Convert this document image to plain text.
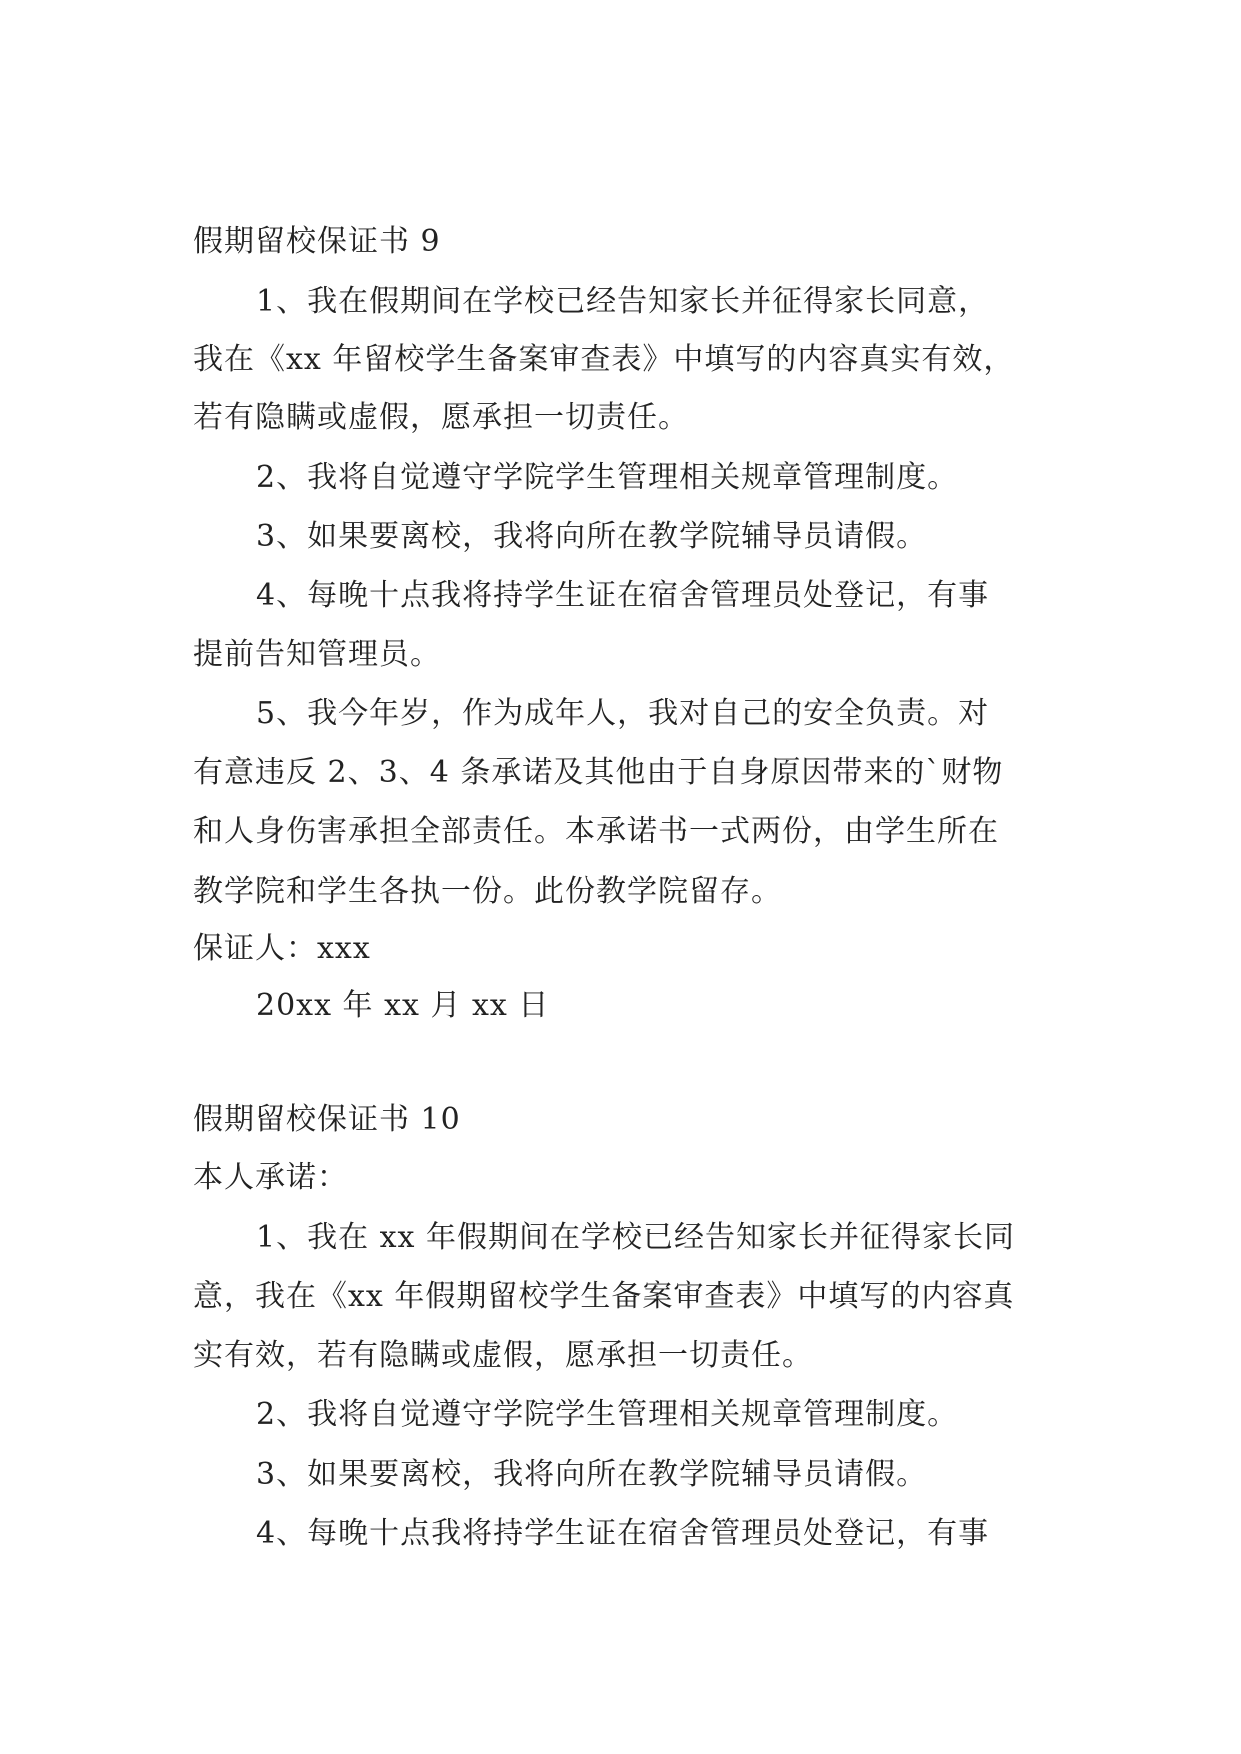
假期留校保证书 9
1、我在假期间在学校已经告知家长并征得家长同意，
我在《xx 年留校学生备案审查表》中填写的内容真实有效，
若有隐瞒或虚假，愿承担一切责任。
2、我将自觉遵守学院学生管理相关规章管理制度。
3、如果要离校，我将向所在教学院辅导员请假。
4、每晚十点我将持学生证在宿舍管理员处登记，有事
提前告知管理员。
5、我今年岁，作为成年人，我对自己的安全负责。对
有意违反 2、3、4 条承诺及其他由于自身原因带来的`财物
和人身伤害承担全部责任。本承诺书一式两份，由学生所在
教学院和学生各执一份。此份教学院留存。
保证人：xxx
20xx 年 xx 月 xx 日
假期留校保证书 10
本人承诺：
1、我在 xx 年假期间在学校已经告知家长并征得家长同
意，我在《xx 年假期留校学生备案审查表》中填写的内容真
实有效，若有隐瞒或虚假，愿承担一切责任。
2、我将自觉遵守学院学生管理相关规章管理制度。
3、如果要离校，我将向所在教学院辅导员请假。
4、每晚十点我将持学生证在宿舍管理员处登记，有事
